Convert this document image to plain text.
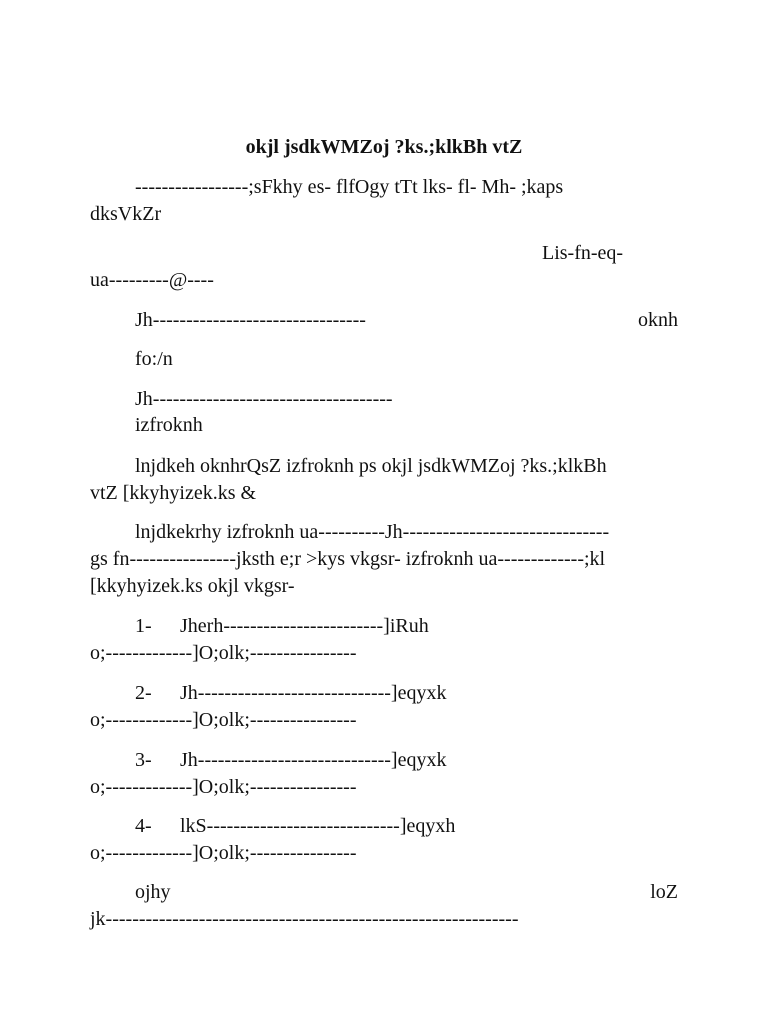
okjl jsdkWMZoj ?ks.;klkBh vtZ
-----------------;sFkhy es- flfOgy tTt lks- fl- Mh- ;kaps
dksVkZr
Lis-fn-eq-
ua---------@----
Jh--------------------------------	oknh
fo:/n
Jh------------------------------------
izfroknh
lnjdkeh oknhrQsZ izfroknh ps okjl jsdkWMZoj ?ks.;klkBh
vtZ [kkyhyizek.ks &
lnjdkekrhy izfroknh ua----------Jh-------------------------------
gs fn----------------jksth e;r >kys vkgsr- izfroknh ua-------------;kl
[kkyhyizek.ks okjl vkgsr-
1- Jherh------------------------]iRuh
o;-------------]O;olk;----------------
2- Jh-----------------------------]eqyxk
o;-------------]O;olk;----------------
3- Jh-----------------------------]eqyxk
o;-------------]O;olk;----------------
4- lkS-----------------------------]eqyxh
o;-------------]O;olk;----------------
ojhy	loZ
jk--------------------------------------------------------------
